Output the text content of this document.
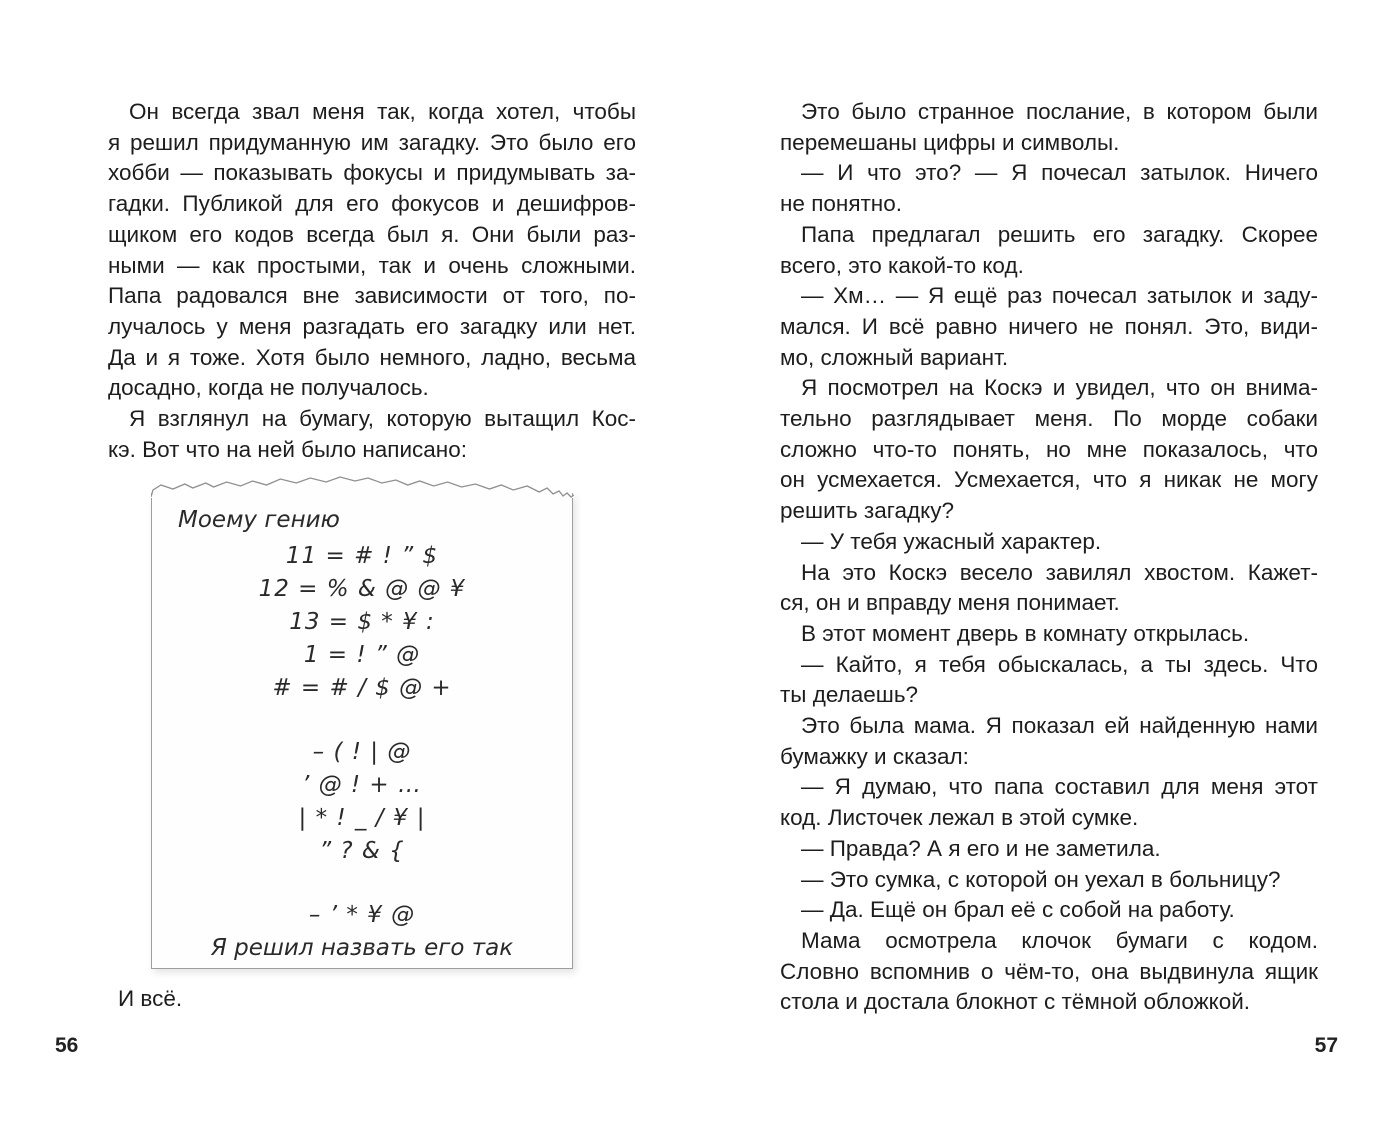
Он всегда звал меня так, когда хотел, чтобы
я решил придуманную им загадку. Это было его
хобби — показывать фокусы и придумывать за-
гадки. Публикой для его фокусов и дешифров-
щиком его кодов всегда был я. Они были раз-
ными — как простыми, так и очень сложными.
Папа радовался вне зависимости от того, по-
лучалось у меня разгадать его загадку или нет.
Да и я тоже. Хотя было немного, ладно, весьма
досадно, когда не получалось.
Я взглянул на бумагу, которую вытащил Кос-
кэ. Вот что на ней было написано:
Моему гению
11 = # ! ” $
12 = % & @ @ ¥
13 = $ * ¥ :
1 = ! ” @
# = # / $ @ +
– ( ! | @
’ @ ! + …
| * ! _ / ¥ |
” ? & {
– ’ * ¥ @
Я решил назвать его так
И всё.
56
Это было странное послание, в котором были
перемешаны цифры и символы.
— И что это? — Я почесал затылок. Ничего
не понятно.
Папа предлагал решить его загадку. Скорее
всего, это какой-то код.
— Хм… — Я ещё раз почесал затылок и заду-
мался. И всё равно ничего не понял. Это, види-
мо, сложный вариант.
Я посмотрел на Коскэ и увидел, что он внима-
тельно разглядывает меня. По морде собаки
сложно что-то понять, но мне показалось, что
он усмехается. Усмехается, что я никак не могу
решить загадку?
— У тебя ужасный характер.
На это Коскэ весело завилял хвостом. Кажет-
ся, он и вправду меня понимает.
В этот момент дверь в комнату открылась.
— Кайто, я тебя обыскалась, а ты здесь. Что
ты делаешь?
Это была мама. Я показал ей найденную нами
бумажку и сказал:
— Я думаю, что папа составил для меня этот
код. Листочек лежал в этой сумке.
— Правда? А я его и не заметила.
— Это сумка, с которой он уехал в больницу?
— Да. Ещё он брал её с собой на работу.
Мама осмотрела клочок бумаги с кодом.
Словно вспомнив о чём-то, она выдвинула ящик
стола и достала блокнот с тёмной обложкой.
57
